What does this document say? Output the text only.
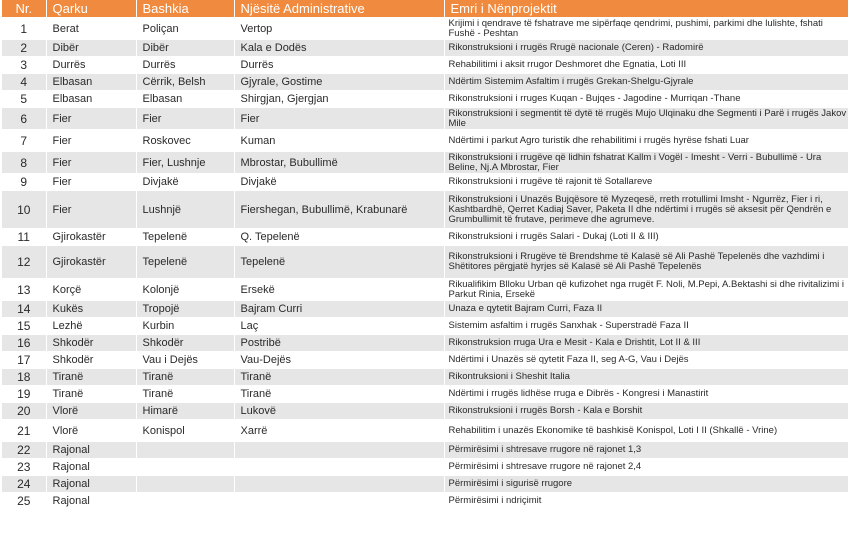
Nr.	Qarku	Bashkia	Njësitë Administrative	Emri i Nënprojektit
1	Berat	Poliçan	Vertop	Krijimi i qendrave të fshatrave me sipërfaqe qendrimi, pushimi, parkimi dhe lulishte, fshati Fushë - Peshtan
2	Dibër	Dibër	Kala e Dodës	Rikonstruksioni i rrugës Rrugë nacionale (Ceren) - Radomirë
3	Durrës	Durrës	Durrës	Rehabilitimi i aksit rrugor Deshmoret dhe Egnatia, Loti III
4	Elbasan	Cërrik, Belsh	Gjyrale, Gostime	Ndërtim Sistemim Asfaltim i rrugës Grekan-Shelgu-Gjyrale
5	Elbasan	Elbasan	Shirgjan, Gjergjan	Rikonstruksioni i rruges Kuqan - Bujqes - Jagodine - Murriqan -Thane
6	Fier	Fier	Fier	Rikonstruksioni i segmentit të dytë të rrugës Mujo Ulqinaku dhe Segmenti i Parë i rrugës Jakov Mile
7	Fier	Roskovec	Kuman	Ndërtimi i parkut Agro turistik dhe rehabilitimi i rrugës hyrëse fshati Luar
8	Fier	Fier, Lushnje	Mbrostar, Bubullimë	Rikonstruksioni i rrugëve që lidhin fshatrat Kallm i Vogël - Imesht - Verri - Bubullimë - Ura Beline, Nj.A Mbrostar, Fier
9	Fier	Divjakë	Divjakë	Rikonstruksioni i rrugëve të rajonit të Sotallareve
10	Fier	Lushnjë	Fiershegan, Bubullimë, Krabunarë	Rikonstruksioni i Unazës Bujqësore të Myzeqesë, rreth rrotullimi Imsht - Ngurrëz, Fier i ri, Kashtbardhë, Qerret Kadiaj Saver, Paketa II dhe ndërtimi i rrugës së aksesit për Qendrën e Grumbullimit të frutave, perimeve dhe agrumeve.
11	Gjirokastër	Tepelenë	Q. Tepelenë	Rikonstruksioni i rrugës Salari - Dukaj (Loti II & III)
12	Gjirokastër	Tepelenë	Tepelenë	Rikonstruksioni i Rrugëve të Brendshme të Kalasë së Ali Pashë Tepelenës dhe vazhdimi i Shëtitores përgjatë hyrjes së Kalasë së Ali Pashë Tepelenës
13	Korçë	Kolonjë	Ersekë	Rikualifikim Blloku Urban që kufizohet nga rrugët F. Noli, M.Pepi, A.Bektashi si dhe rivitalizimi i Parkut Rinia, Ersekë
14	Kukës	Tropojë	Bajram Curri	Unaza e qytetit Bajram Curri, Faza II
15	Lezhë	Kurbin	Laç	Sistemim asfaltim i rrugës Sanxhak - Superstradë Faza II
16	Shkodër	Shkodër	Postribë	Rikonstruksion rruga Ura e Mesit - Kala e Drishtit, Lot II & III
17	Shkodër	Vau i Dejës	Vau-Dejës	Ndërtimi i Unazës së qytetit Faza II, seg A-G, Vau i Dejës
18	Tiranë	Tiranë	Tiranë	Rikontruksioni i Sheshit Italia
19	Tiranë	Tiranë	Tiranë	Ndërtimi i rrugës lidhëse rruga e Dibrës - Kongresi i Manastirit
20	Vlorë	Himarë	Lukovë	Rikonstruksioni i rrugës Borsh - Kala e Borshit
21	Vlorë	Konispol	Xarrë	Rehabilitim i unazës Ekonomike të bashkisë Konispol, Loti I II (Shkallë - Vrine)
22	Rajonal			Përmirësimi i shtresave rrugore në rajonet 1,3
23	Rajonal			Përmirësimi i shtresave rrugore në rajonet 2,4
24	Rajonal			Përmirësimi i sigurisë rrugore
25	Rajonal			Përmirësimi i ndriçimit
